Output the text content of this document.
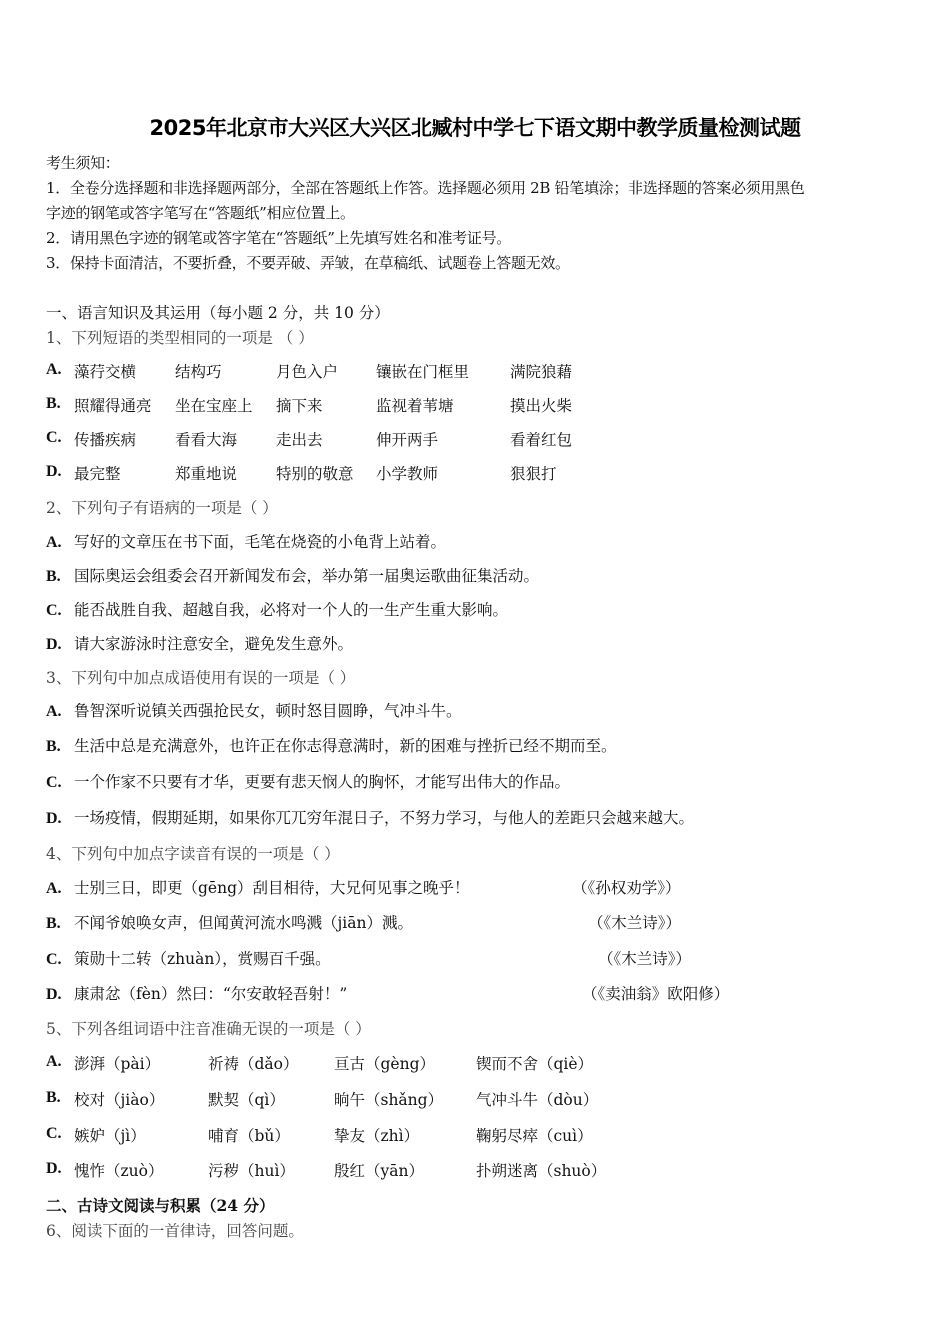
2025年北京市大兴区大兴区北臧村中学七下语文期中教学质量检测试题
考生须知：
1．全卷分选择题和非选择题两部分，全部在答题纸上作答。选择题必须用 2B 铅笔填涂；非选择题的答案必须用黑色
字迹的钢笔或答字笔写在“答题纸”相应位置上。
2．请用黑色字迹的钢笔或答字笔在“答题纸”上先填写姓名和准考证号。
3．保持卡面清洁，不要折叠，不要弄破、弄皱，在草稿纸、试题卷上答题无效。
一、语言知识及其运用（每小题 2 分，共 10 分）
1、下列短语的类型相同的一项是 （ ）
A. 藻荇交横	结构巧	月色入户 镶嵌在门框里	满院狼藉
B. 照耀得通亮 坐在宝座上 摘下来	监视着苇塘	摸出火柴
C. 传播疾病	看看大海	走出去	伸开两手	看着红包
D. 最完整	郑重地说	特别的敬意 小学教师	狠狠打
2、下列句子有语病的一项是（ ）
A. 写好的文章压在书下面，毛笔在烧瓷的小龟背上站着。
B. 国际奥运会组委会召开新闻发布会，举办第一届奥运歌曲征集活动。
C. 能否战胜自我、超越自我，必将对一个人的一生产生重大影响。
D. 请大家游泳时注意安全，避免发生意外。
3、下列句中加点成语使用有误的一项是（ ）
A. 鲁智深听说镇关西强抢民女，顿时怒目圆睁，气冲斗牛。
B. 生活中总是充满意外，也许正在你志得意满时，新的困难与挫折已经不期而至。
C. 一个作家不只要有才华，更要有悲天悯人的胸怀，才能写出伟大的作品。
D. 一场疫情，假期延期，如果你兀兀穷年混日子，不努力学习，与他人的差距只会越来越大。
4、下列句中加点字读音有误的一项是（ ）
A. 士别三日，即更（gēng）刮目相待，大兄何见事之晚乎！	（《孙权劝学》）
B. 不闻爷娘唤女声，但闻黄河流水鸣溅（jiān）溅。	（《木兰诗》）
C. 策勋十二转（zhuàn），赏赐百千强。	（《木兰诗》）
D. 康肃忿（fèn）然曰：“尔安敢轻吾射！”	（《卖油翁》欧阳修）
5、下列各组词语中注音准确无误的一项是（ ）
A. 澎湃（pài）	祈祷（dǎo） 亘古（gèng）	锲而不舍（qiè）
B. 校对（jiào）	默契（qì）	晌午（shǎng） 气冲斗牛（dòu）
C. 嫉妒（jì）	哺育（bǔ）	挚友（zhì）	鞠躬尽瘁（cuì）
D. 愧怍（zuò）	污秽（huì）	殷红（yān）	扑朔迷离（shuò）
二、古诗文阅读与积累（24 分）
6、阅读下面的一首律诗，回答问题。
